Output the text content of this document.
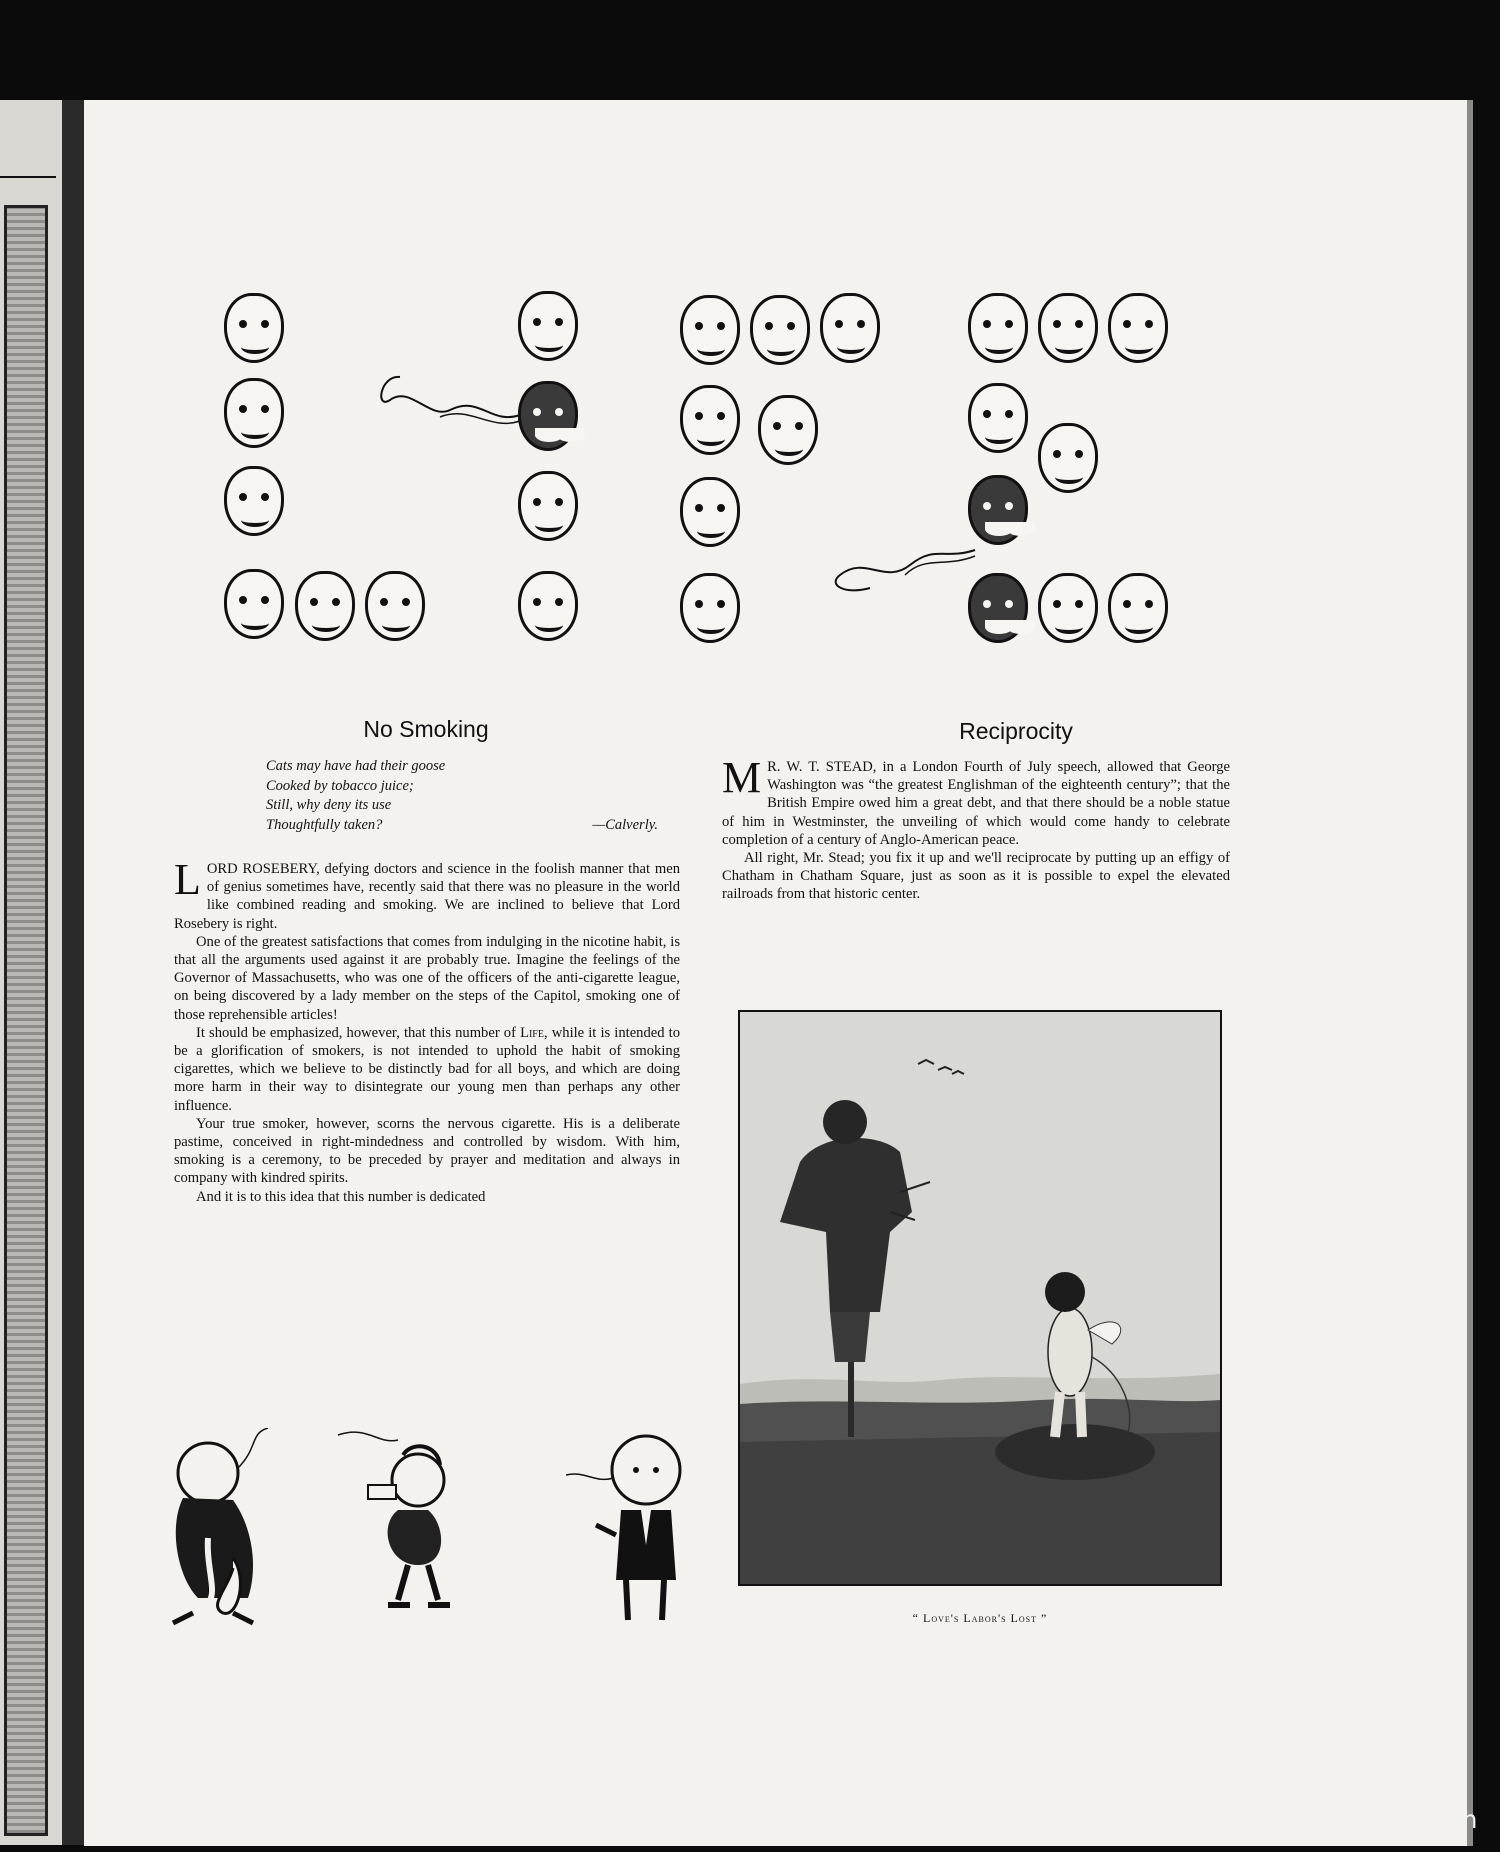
No Smoking
Cats may have had their goose
Cooked by tobacco juice;
Still, why deny its use
Thoughtfully taken?	—Calverly.

LORD ROSEBERY, defying doctors and science in the foolish manner that men of genius sometimes have, recently said that there was no pleasure in the world like combined reading and smoking. We are inclined to believe that Lord Rosebery is right.

One of the greatest satisfactions that comes from indulging in the nicotine habit, is that all the arguments used against it are probably true. Imagine the feelings of the Governor of Massachusetts, who was one of the officers of the anti-cigarette league, on being discovered by a lady member on the steps of the Capitol, smoking one of those reprehensible articles!

It should be emphasized, however, that this number of Life, while it is intended to be a glorification of smokers, is not intended to uphold the habit of smoking cigarettes, which we believe to be distinctly bad for all boys, and which are doing more harm in their way to disintegrate our young men than perhaps any other influence.

Your true smoker, however, scorns the nervous cigarette. His is a deliberate pastime, conceived in right-mindedness and controlled by wisdom. With him, smoking is a ceremony, to be preceded by prayer and meditation and always in company with kindred spirits.

And it is to this idea that this number is dedicated

Reciprocity

M R. W. T. STEAD, in a London Fourth of July speech, allowed that George Washington was “the greatest Englishman of the eighteenth century”; that the British Empire owed him a great debt, and that there should be a noble statue of him in Westminster, the unveiling of which would come handy to celebrate completion of a century of Anglo-American peace.

All right, Mr. Stead; you fix it up and we'll reciprocate by putting up an effigy of Chatham in Chatham Square, just as soon as it is possible to expel the elevated railroads from that historic center.

“ Love's Labor's Lost ”
comicbooks.com
